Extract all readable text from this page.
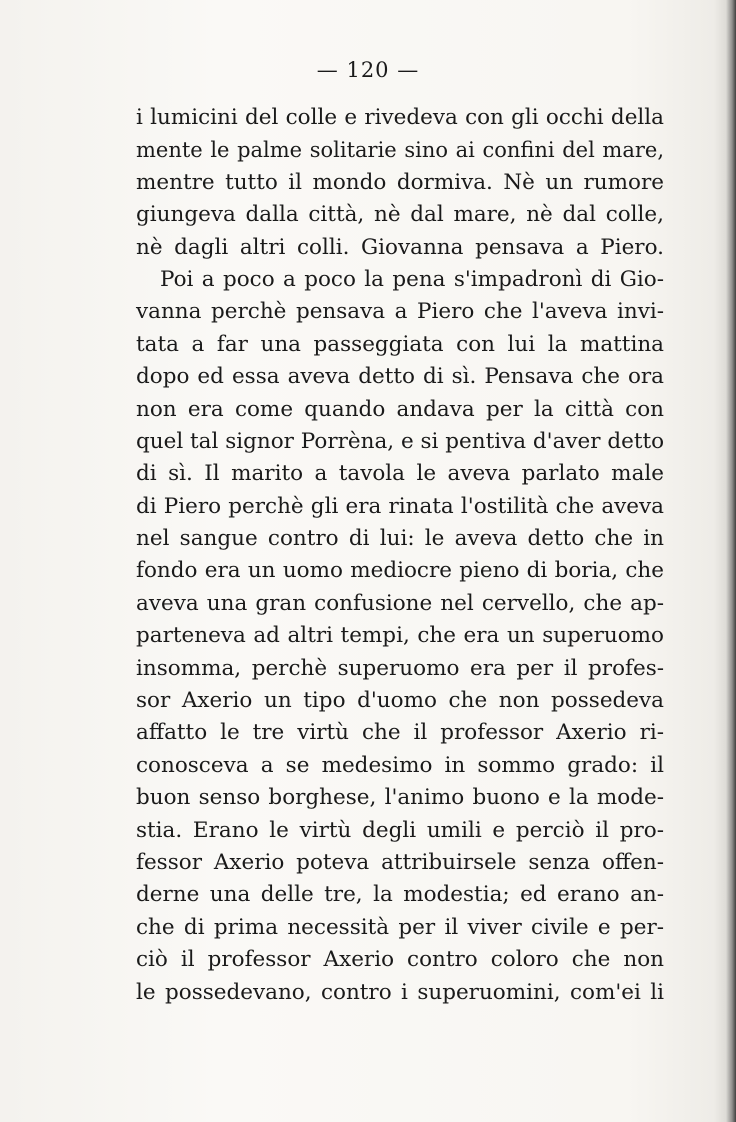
— 120 —
i lumicini del colle e rivedeva con gli occhi della
mente le palme solitarie sino ai confini del mare,
mentre tutto il mondo dormiva. Nè un rumore
giungeva dalla città, nè dal mare, nè dal colle,
nè dagli altri colli. Giovanna pensava a Piero.
Poi a poco a poco la pena s'impadronì di Gio-
vanna perchè pensava a Piero che l'aveva invi-
tata a far una passeggiata con lui la mattina
dopo ed essa aveva detto di sì. Pensava che ora
non era come quando andava per la città con
quel tal signor Porrèna, e si pentiva d'aver detto
di sì. Il marito a tavola le aveva parlato male
di Piero perchè gli era rinata l'ostilità che aveva
nel sangue contro di lui: le aveva detto che in
fondo era un uomo mediocre pieno di boria, che
aveva una gran confusione nel cervello, che ap-
parteneva ad altri tempi, che era un superuomo
insomma, perchè superuomo era per il profes-
sor Axerio un tipo d'uomo che non possedeva
affatto le tre virtù che il professor Axerio ri-
conosceva a se medesimo in sommo grado: il
buon senso borghese, l'animo buono e la mode-
stia. Erano le virtù degli umili e perciò il pro-
fessor Axerio poteva attribuirsele senza offen-
derne una delle tre, la modestia; ed erano an-
che di prima necessità per il viver civile e per-
ciò il professor Axerio contro coloro che non
le possedevano, contro i superuomini, com'ei li
